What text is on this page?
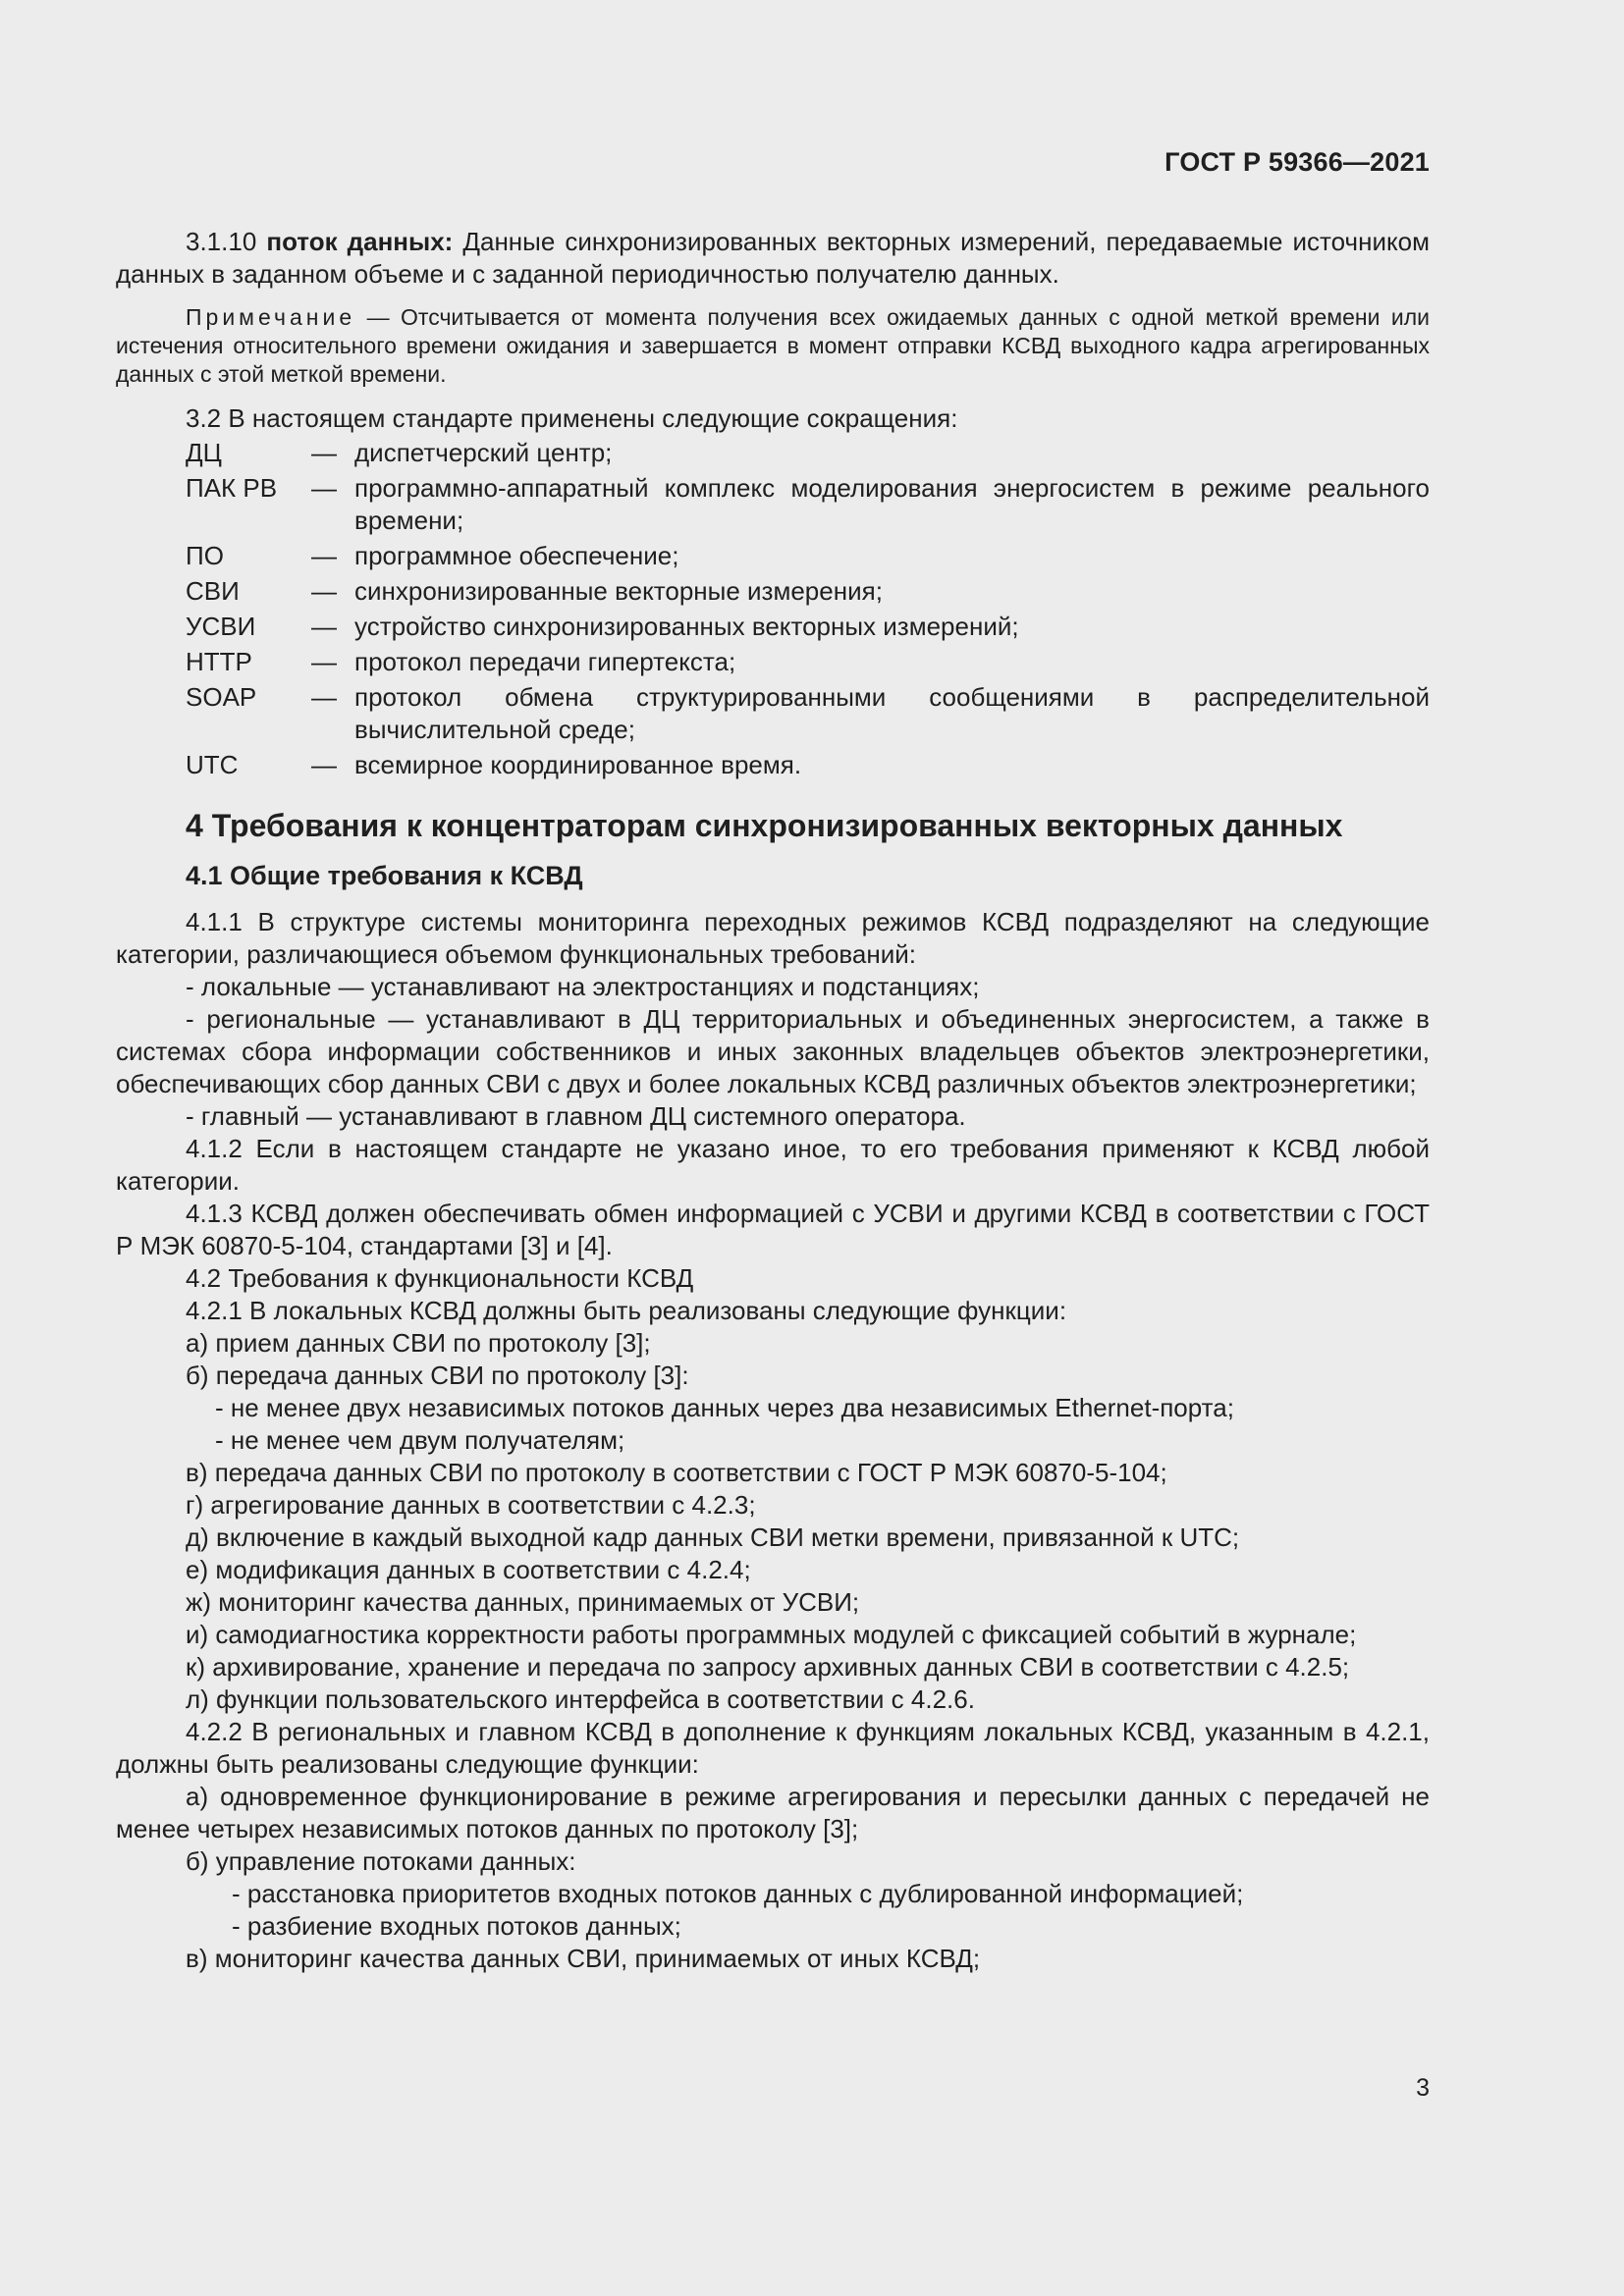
ГОСТ Р 59366—2021

3.1.10 поток данных: Данные синхронизированных векторных измерений, передаваемые источником данных в заданном объеме и с заданной периодичностью получателю данных.

Примечание — Отсчитывается от момента получения всех ожидаемых данных с одной меткой времени или истечения относительного времени ожидания и завершается в момент отправки КСВД выходного кадра агрегированных данных с этой меткой времени.

3.2 В настоящем стандарте применены следующие сокращения:

ДЦ	— диспетчерский центр;
ПАК РВ	— программно-аппаратный комплекс моделирования энергосистем в режиме реального времени;
ПО	— программное обеспечение;
СВИ	— синхронизированные векторные измерения;
УСВИ	— устройство синхронизированных векторных измерений;
HTTP	— протокол передачи гипертекста;
SOAP	— протокол обмена структурированными сообщениями в распределительной вычислительной среде;
UTC	— всемирное координированное время.
4 Требования к концентраторам синхронизированных векторных данных
4.1 Общие требования к КСВД

4.1.1 В структуре системы мониторинга переходных режимов КСВД подразделяют на следующие категории, различающиеся объемом функциональных требований:

- локальные — устанавливают на электростанциях и подстанциях;

- региональные — устанавливают в ДЦ территориальных и объединенных энергосистем, а также в системах сбора информации собственников и иных законных владельцев объектов электроэнергетики, обеспечивающих сбор данных СВИ с двух и более локальных КСВД различных объектов электроэнергетики;

- главный — устанавливают в главном ДЦ системного оператора.

4.1.2 Если в настоящем стандарте не указано иное, то его требования применяют к КСВД любой категории.

4.1.3 КСВД должен обеспечивать обмен информацией с УСВИ и другими КСВД в соответствии с ГОСТ Р МЭК 60870-5-104, стандартами [3] и [4].

4.2 Требования к функциональности КСВД

4.2.1 В локальных КСВД должны быть реализованы следующие функции:

а) прием данных СВИ по протоколу [3];

б) передача данных СВИ по протоколу [3]:

- не менее двух независимых потоков данных через два независимых Ethernet-порта;

- не менее чем двум получателям;

в) передача данных СВИ по протоколу в соответствии с ГОСТ Р МЭК 60870-5-104;

г) агрегирование данных в соответствии с 4.2.3;

д) включение в каждый выходной кадр данных СВИ метки времени, привязанной к UTC;

е) модификация данных в соответствии с 4.2.4;

ж) мониторинг качества данных, принимаемых от УСВИ;

и) самодиагностика корректности работы программных модулей с фиксацией событий в журнале;

к) архивирование, хранение и передача по запросу архивных данных СВИ в соответствии с 4.2.5;

л) функции пользовательского интерфейса в соответствии с 4.2.6.

4.2.2 В региональных и главном КСВД в дополнение к функциям локальных КСВД, указанным в 4.2.1, должны быть реализованы следующие функции:

а) одновременное функционирование в режиме агрегирования и пересылки данных с передачей не менее четырех независимых потоков данных по протоколу [3];

б) управление потоками данных:

- расстановка приоритетов входных потоков данных с дублированной информацией;

- разбиение входных потоков данных;

в) мониторинг качества данных СВИ, принимаемых от иных КСВД;

3
